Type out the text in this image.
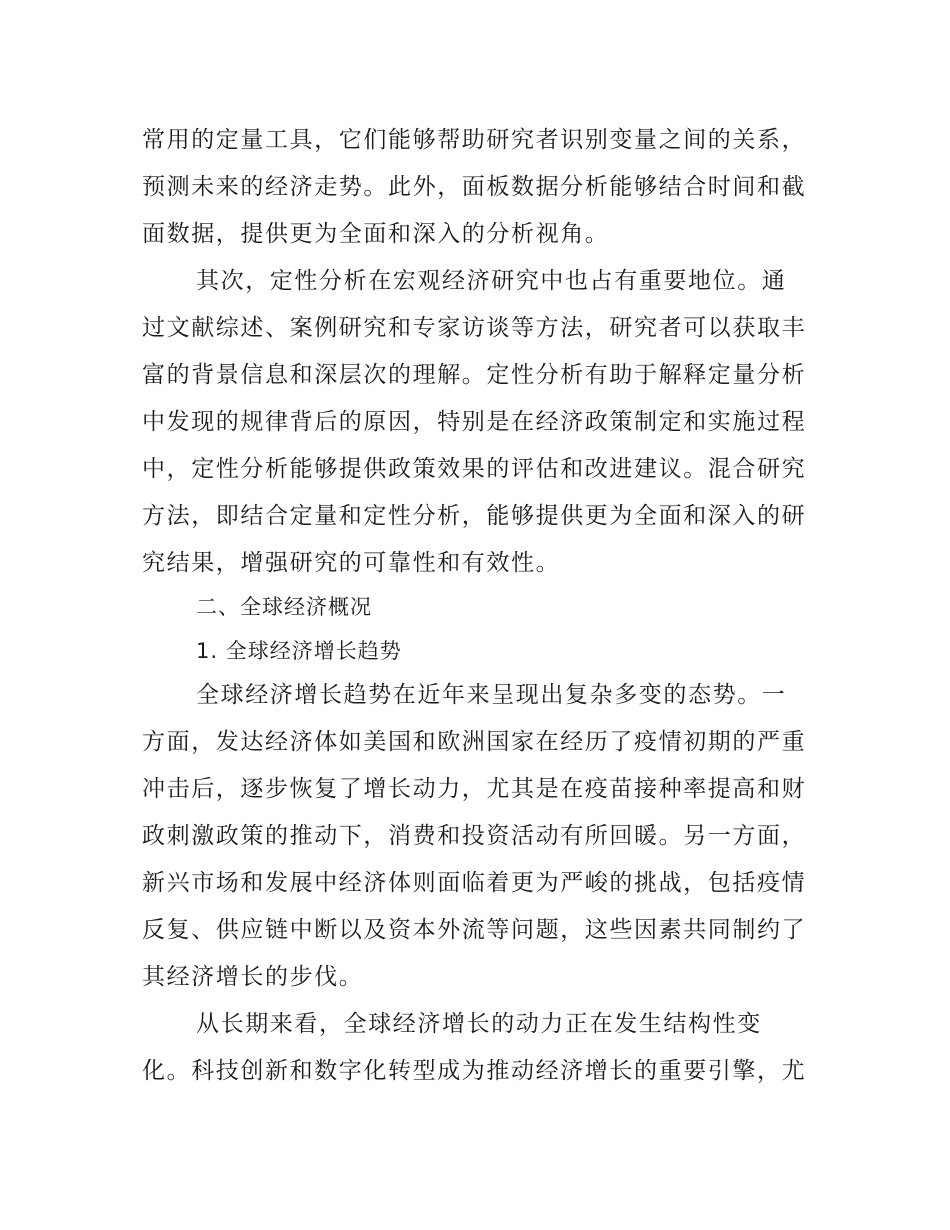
常用的定量工具，它们能够帮助研究者识别变量之间的关系，
预测未来的经济走势。此外，面板数据分析能够结合时间和截
面数据，提供更为全面和深入的分析视角。
其次，定性分析在宏观经济研究中也占有重要地位。通
过文献综述、案例研究和专家访谈等方法，研究者可以获取丰
富的背景信息和深层次的理解。定性分析有助于解释定量分析
中发现的规律背后的原因，特别是在经济政策制定和实施过程
中，定性分析能够提供政策效果的评估和改进建议。混合研究
方法，即结合定量和定性分析，能够提供更为全面和深入的研
究结果，增强研究的可靠性和有效性。
二、全球经济概况
1. 全球经济增长趋势
全球经济增长趋势在近年来呈现出复杂多变的态势。一
方面，发达经济体如美国和欧洲国家在经历了疫情初期的严重
冲击后，逐步恢复了增长动力，尤其是在疫苗接种率提高和财
政刺激政策的推动下，消费和投资活动有所回暖。另一方面，
新兴市场和发展中经济体则面临着更为严峻的挑战，包括疫情
反复、供应链中断以及资本外流等问题，这些因素共同制约了
其经济增长的步伐。
从长期来看，全球经济增长的动力正在发生结构性变
化。科技创新和数字化转型成为推动经济增长的重要引擎，尤
